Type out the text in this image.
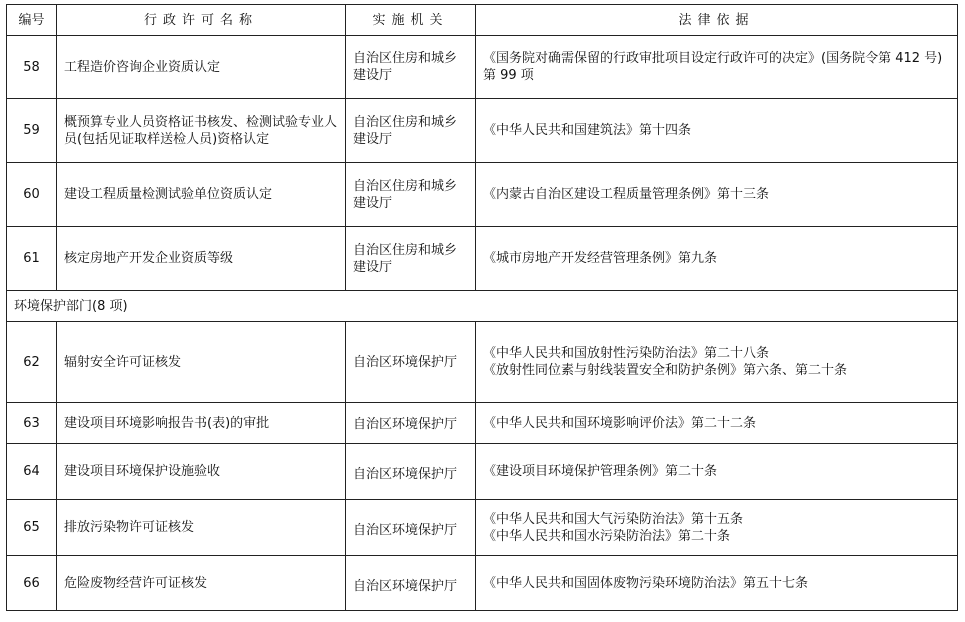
编号	行政许可名称	实施机关	法律依据
58	工程造价咨询企业资质认定	自治区住房和城乡建设厅	《国务院对确需保留的行政审批项目设定行政许可的决定》(国务院令第 412 号)第 99 项

59	概预算专业人员资格证书核发、检测试验专业人员(包括见证取样送检人员)资格认定	自治区住房和城乡建设厅	《中华人民共和国建筑法》第十四条

60	建设工程质量检测试验单位资质认定	自治区住房和城乡建设厅	《内蒙古自治区建设工程质量管理条例》第十三条

61	核定房地产开发企业资质等级	自治区住房和城乡建设厅	《城市房地产开发经营管理条例》第九条

环境保护部门(8 项)			
62	辐射安全许可证核发	自治区环境保护厅	《中华人民共和国放射性污染防治法》第二十八条
《放射性同位素与射线装置安全和防护条例》第六条、第二十条

63	建设项目环境影响报告书(表)的审批	自治区环境保护厅	《中华人民共和国环境影响评价法》第二十二条

64	建设项目环境保护设施验收	自治区环境保护厅	《建设项目环境保护管理条例》第二十条

65	排放污染物许可证核发	自治区环境保护厅	《中华人民共和国大气污染防治法》第十五条
《中华人民共和国水污染防治法》第二十条

66	危险废物经营许可证核发	自治区环境保护厅	《中华人民共和国固体废物污染环境防治法》第五十七条
